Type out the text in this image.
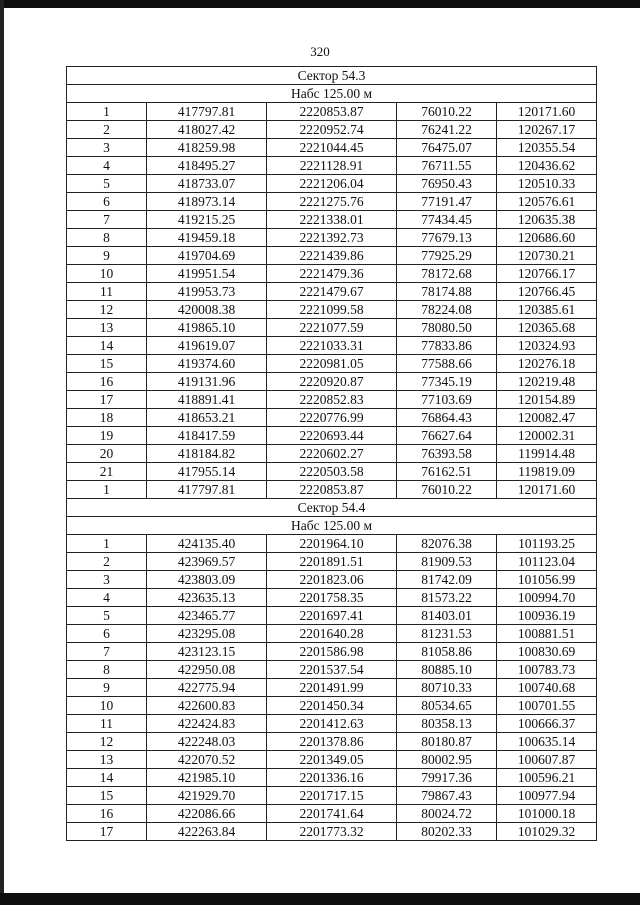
320
Сектор 54.3				
Набс 125.00 м				
1	417797.81	2220853.87	76010.22	120171.60
2	418027.42	2220952.74	76241.22	120267.17
3	418259.98	2221044.45	76475.07	120355.54
4	418495.27	2221128.91	76711.55	120436.62
5	418733.07	2221206.04	76950.43	120510.33
6	418973.14	2221275.76	77191.47	120576.61
7	419215.25	2221338.01	77434.45	120635.38
8	419459.18	2221392.73	77679.13	120686.60
9	419704.69	2221439.86	77925.29	120730.21
10	419951.54	2221479.36	78172.68	120766.17
11	419953.73	2221479.67	78174.88	120766.45
12	420008.38	2221099.58	78224.08	120385.61
13	419865.10	2221077.59	78080.50	120365.68
14	419619.07	2221033.31	77833.86	120324.93
15	419374.60	2220981.05	77588.66	120276.18
16	419131.96	2220920.87	77345.19	120219.48
17	418891.41	2220852.83	77103.69	120154.89
18	418653.21	2220776.99	76864.43	120082.47
19	418417.59	2220693.44	76627.64	120002.31
20	418184.82	2220602.27	76393.58	119914.48
21	417955.14	2220503.58	76162.51	119819.09
1	417797.81	2220853.87	76010.22	120171.60
Сектор 54.4				
Набс 125.00 м				
1	424135.40	2201964.10	82076.38	101193.25
2	423969.57	2201891.51	81909.53	101123.04
3	423803.09	2201823.06	81742.09	101056.99
4	423635.13	2201758.35	81573.22	100994.70
5	423465.77	2201697.41	81403.01	100936.19
6	423295.08	2201640.28	81231.53	100881.51
7	423123.15	2201586.98	81058.86	100830.69
8	422950.08	2201537.54	80885.10	100783.73
9	422775.94	2201491.99	80710.33	100740.68
10	422600.83	2201450.34	80534.65	100701.55
11	422424.83	2201412.63	80358.13	100666.37
12	422248.03	2201378.86	80180.87	100635.14
13	422070.52	2201349.05	80002.95	100607.87
14	421985.10	2201336.16	79917.36	100596.21
15	421929.70	2201717.15	79867.43	100977.94
16	422086.66	2201741.64	80024.72	101000.18
17	422263.84	2201773.32	80202.33	101029.32
